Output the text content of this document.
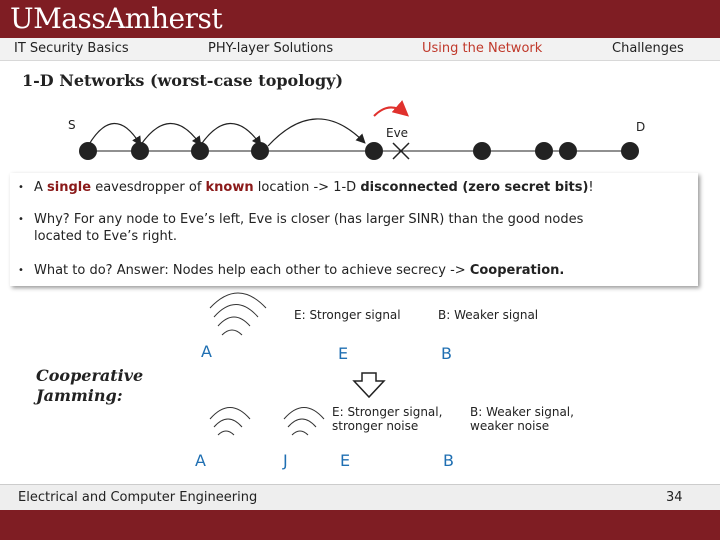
UMassAmherst
IT Security Basics	PHY-layer Solutions	Using the Network	Challenges
1-D Networks (worst-case topology)
S	D
Eve
• A single eavesdropper of known location -> 1-D disconnected (zero secret bits)!
• Why? For any node to Eve’s left, Eve is closer (has larger SINR) than the good nodes
located to Eve’s right.
• What to do? Answer: Nodes help each other to achieve secrecy -> Cooperation.
Cooperative
Jamming:
E: Stronger signal	B: Weaker signal
A	E	B
E: Stronger signal,
stronger noise
B: Weaker signal,
weaker noise
A	J	E	B
Electrical and Computer Engineering	34
